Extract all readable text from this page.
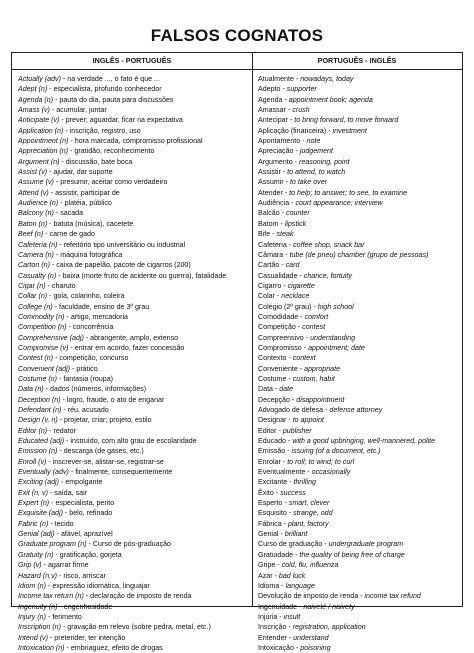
FALSOS COGNATOS
INGLÊS - PORTUGUÊS
Actually (adv) - na verdade ..., o fato é que ...
Adept (n) - especialista, profundo conhecedor
Agenda (n) - pauta do dia, pauta para discussões
Amass (v) - acumular, juntar
Anticipate (v) - prever; aguardar, ficar na expectativa
Application (n) - inscrição, registro, uso
Appointment (n) - hora marcada, compromisso profissional
Appreciation (n) - gratidão, reconhecimento
Argument (n) - discussão, bate boca
Assist (v) - ajudar, dar suporte
Assume (v) - presumir, aceitar como verdadeiro
Attend (v) - assistir, participar de
Audience (n) - platéia, público
Balcony (n) - sacada
Baton (n) - batuta (música), cacetete
Beef (n) - carne de gado
Cafeteria (n) - refeitório tipo universitário ou industrial
Camera (n) - máquina fotográfica
Carton (n) - caixa de papelão, pacote de cigarros (200)
Casualty (n) - baixa (morte fruto de acidente ou guerra), fatalidade
Cigar (n) - charuto
Collar (n) - gola, colarinho, coleira
College (n) - faculdade, ensino de 3º grau
Commodity (n) - artigo, mercadoria
Competition (n) - concorrência
Comprehensive (adj) - abrangente, amplo, extenso
Compromise (v) - entrar em acordo, fazer concessão
Contest (n) - competição, concurso
Convenient (adj) - prático
Costume (n) - fantasia (roupa)
Data (n) - dados (números, informações)
Deception (n) - logro, fraude, o ato de enganar
Defendant (n) - réu, acusado
Design (v, n) - projetar, criar; projeto, estilo
Editor (n) - redator
Educated (adj) - instruído, com alto grau de escolaridade
Emission (n) - descarga (de gases, etc.)
Enroll (v) - inscrever-se, alistar-se, registrar-se
Eventually (adv) - finalmente, consequentemente
Exciting (adj) - empolgante
Exit (n, v) - saída, sair
Expert (n) - especialista, perito
Exquisite (adj) - belo, refinado
Fabric (n) - tecido
Genial (adj) - afável, aprazível
Graduate program (n) - Curso de pós-graduação
Gratuity (n) - gratificação, gorjeta
Grip (v) - agarrar firme
Hazard (n,v) - risco, arriscar
Idiom (n) - expressão idiomática, linguajar
Income tax return (n) - declaração de imposto de renda
Ingenuity (n) - engenhosidade
Injury (n) - ferimento
Inscription (n) - gravação em relevo (sobre pedra, metal, etc.)
Intend (v) - pretender, ter intenção
Intoxication (n) - embriaguez, efeito de drogas
PORTUGUÊS - INGLÊS
Atualmente - nowadays, today
Adepto - supporter
Agenda - appointment book; agenda
Amassar - crush
Antecipar - to bring forward, to move forward
Aplicação (financeira) - investment
Apontamento - note
Apreciação - judgement
Argumento - reasoning, point
Assistir - to attend, to watch
Assumir - to take over
Atender - to help; to answer; to see, to examine
Audiência - court appearance; interview
Balcão - counter
Batom - lipstick
Bife - steak
Cafeteria - coffee shop, snack bar
Câmara - tube (de pneu) chamber (grupo de pessoas)
Cartão - card
Casualidade - chance, fortuity
Cigarro - cigarette
Colar - necklace
Colégio (2º grau) - high school
Comodidade - comfort
Competição - contest
Compreensivo - understanding
Compromisso - appointment; date
Contexto - context
Conveniente - appropriate
Costume - custom, habit
Data - date
Decepção - disappointment
Advogado de defesa - defense attorney
Designar - to appoint
Editor - publisher
Educado - with a good upbringing, well-mannered, polite
Emissão - issuing (of a document, etc.)
Enrolar - to roll; to wind; to curl
Eventualmente - occasionally
Excitante - thrilling
Êxito - success
Esperto - smart, clever
Esquisito - strange, odd
Fábrica - plant, factory
Genial - brilliant
Curso de graduação - undergraduate program
Gratuidade - the quality of being free of charge
Gripe - cold, flu, influenza
Azar - bad luck
Idioma - language
Devolução de imposto de renda - income tax refund
Ingenuidade - naiveté / naivety
Injúria - insult
Inscrição - registration, application
Entender - understand
Intoxicação - poisoning
